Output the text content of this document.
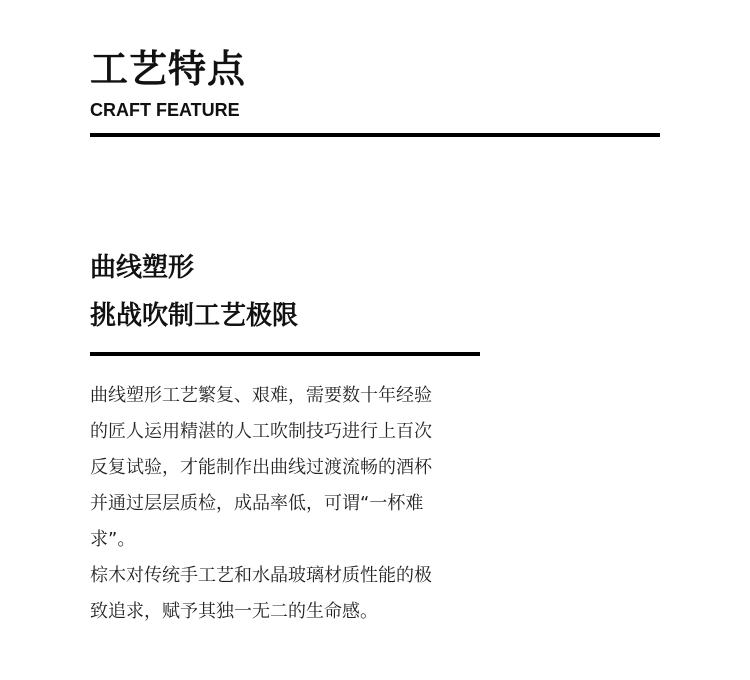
工艺特点
CRAFT FEATURE
曲线塑形
挑战吹制工艺极限
曲线塑形工艺繁复、艰难，需要数十年经验
的匠人运用精湛的人工吹制技巧进行上百次
反复试验，才能制作出曲线过渡流畅的酒杯
并通过层层质检，成品率低，可谓“一杯难
求”。
棕木对传统手工艺和水晶玻璃材质性能的极
致追求，赋予其独一无二的生命感。
